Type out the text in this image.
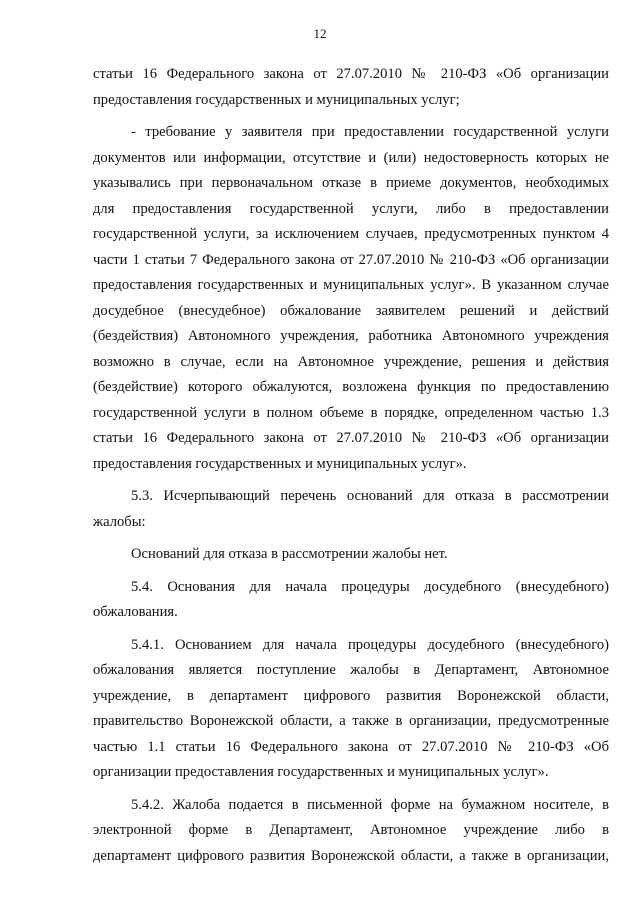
12
статьи 16 Федерального закона от 27.07.2010 № 210-ФЗ «Об организации
предоставления государственных и муниципальных услуг;
- требование у заявителя при предоставлении государственной услуги
документов или информации, отсутствие и (или) недостоверность которых не
указывались при первоначальном отказе в приеме документов, необходимых
для предоставления государственной услуги, либо в предоставлении
государственной услуги, за исключением случаев, предусмотренных пунктом 4
части 1 статьи 7 Федерального закона от 27.07.2010 № 210-ФЗ «Об организации
предоставления государственных и муниципальных услуг». В указанном случае
досудебное (внесудебное) обжалование заявителем решений и действий
(бездействия) Автономного учреждения, работника Автономного учреждения
возможно в случае, если на Автономное учреждение, решения и действия
(бездействие) которого обжалуются, возложена функция по предоставлению
государственной услуги в полном объеме в порядке, определенном частью 1.3
статьи 16 Федерального закона от 27.07.2010 № 210-ФЗ «Об организации
предоставления государственных и муниципальных услуг».
5.3. Исчерпывающий перечень оснований для отказа в рассмотрении
жалобы:
Оснований для отказа в рассмотрении жалобы нет.
5.4. Основания для начала процедуры досудебного (внесудебного)
обжалования.
5.4.1. Основанием для начала процедуры досудебного (внесудебного)
обжалования является поступление жалобы в Департамент, Автономное
учреждение, в департамент цифрового развития Воронежской области,
правительство Воронежской области, а также в организации, предусмотренные
частью 1.1 статьи 16 Федерального закона от 27.07.2010 № 210-ФЗ «Об
организации предоставления государственных и муниципальных услуг».
5.4.2. Жалоба подается в письменной форме на бумажном носителе, в
электронной форме в Департамент, Автономное учреждение либо в
департамент цифрового развития Воронежской области, а также в организации,
